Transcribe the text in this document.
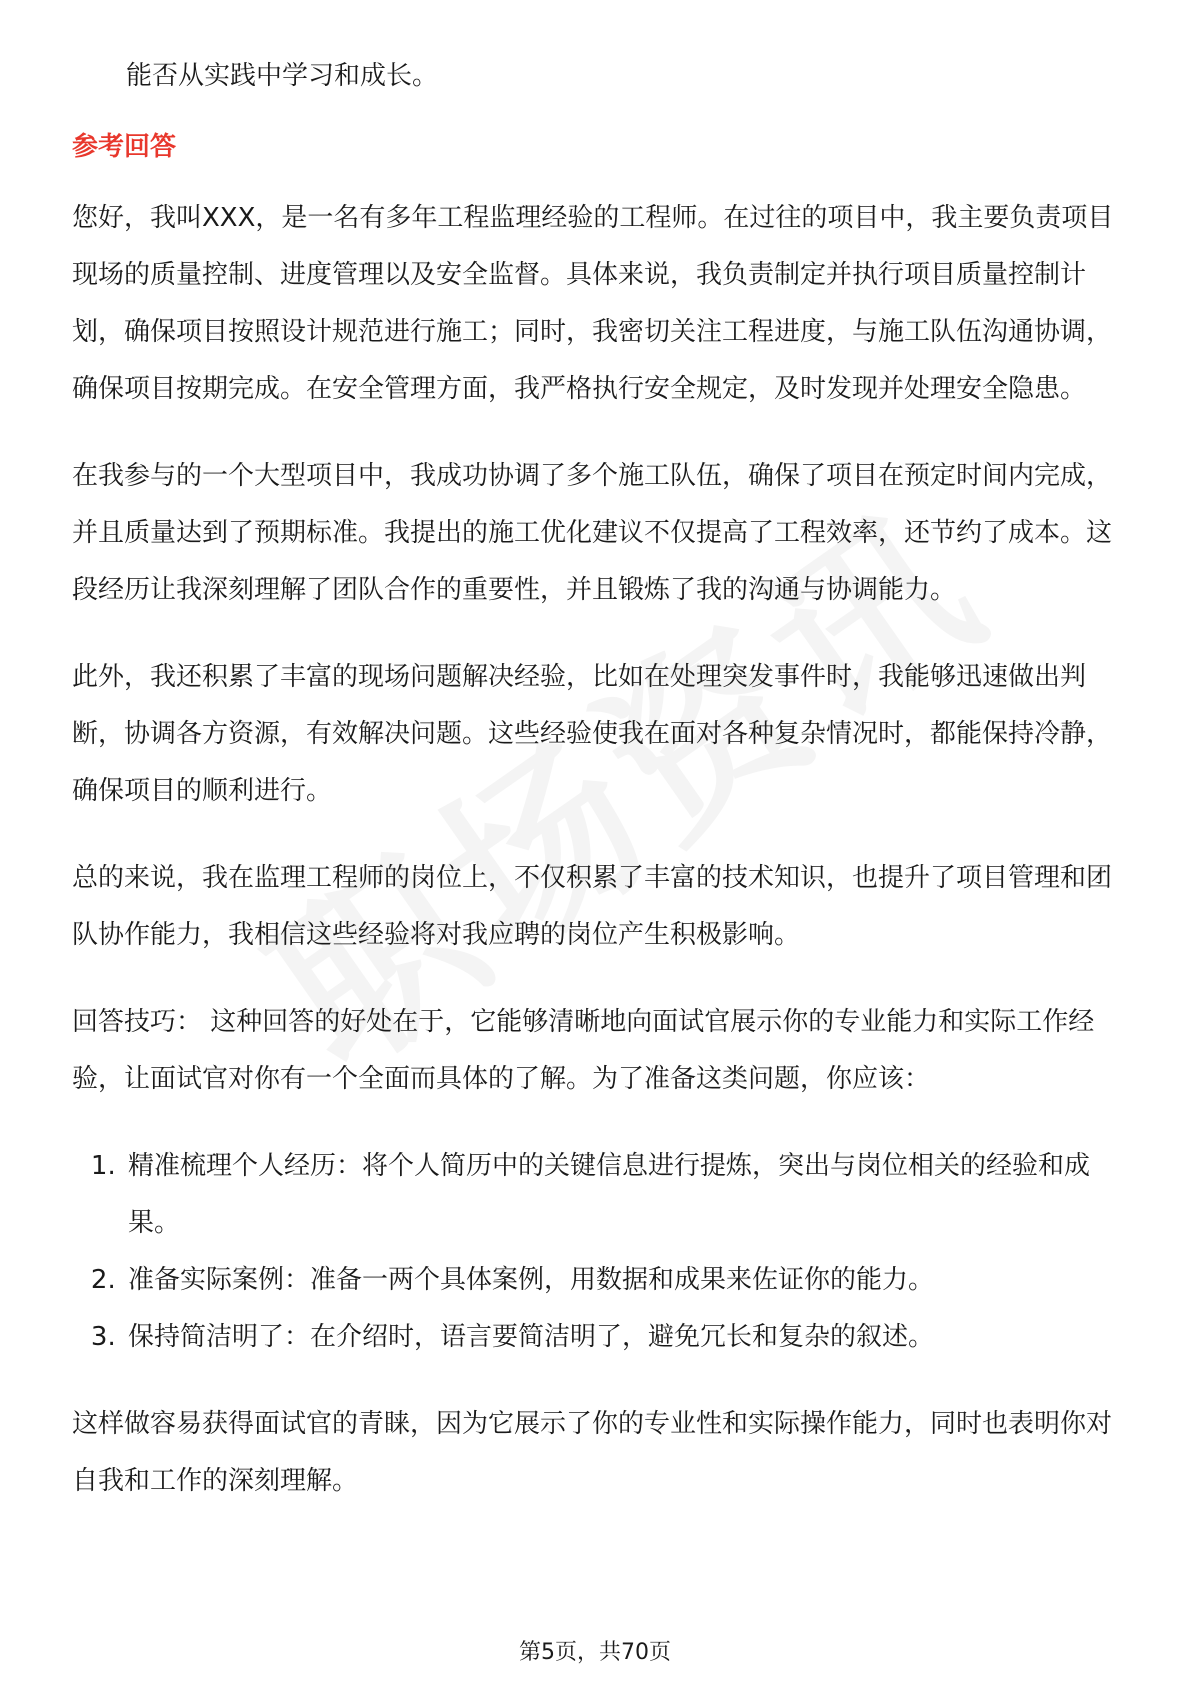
能否从实践中学习和成长。

参考回答

您好，我叫XXX，是一名有多年工程监理经验的工程师。在过往的项目中，我主要负责项目现场的质量控制、进度管理以及安全监督。具体来说，我负责制定并执行项目质量控制计划，确保项目按照设计规范进行施工；同时，我密切关注工程进度，与施工队伍沟通协调，确保项目按期完成。在安全管理方面，我严格执行安全规定，及时发现并处理安全隐患。

在我参与的一个大型项目中，我成功协调了多个施工队伍，确保了项目在预定时间内完成，并且质量达到了预期标准。我提出的施工优化建议不仅提高了工程效率，还节约了成本。这段经历让我深刻理解了团队合作的重要性，并且锻炼了我的沟通与协调能力。

此外，我还积累了丰富的现场问题解决经验，比如在处理突发事件时，我能够迅速做出判断，协调各方资源，有效解决问题。这些经验使我在面对各种复杂情况时，都能保持冷静，确保项目的顺利进行。

总的来说，我在监理工程师的岗位上，不仅积累了丰富的技术知识，也提升了项目管理和团队协作能力，我相信这些经验将对我应聘的岗位产生积极影响。

回答技巧： 这种回答的好处在于，它能够清晰地向面试官展示你的专业能力和实际工作经验，让面试官对你有一个全面而具体的了解。为了准备这类问题，你应该：

1. 精准梳理个人经历：将个人简历中的关键信息进行提炼，突出与岗位相关的经验和成果。
2. 准备实际案例：准备一两个具体案例，用数据和成果来佐证你的能力。
3. 保持简洁明了：在介绍时，语言要简洁明了，避免冗长和复杂的叙述。

这样做容易获得面试官的青睐，因为它展示了你的专业性和实际操作能力，同时也表明你对自我和工作的深刻理解。

第5页，共70页
